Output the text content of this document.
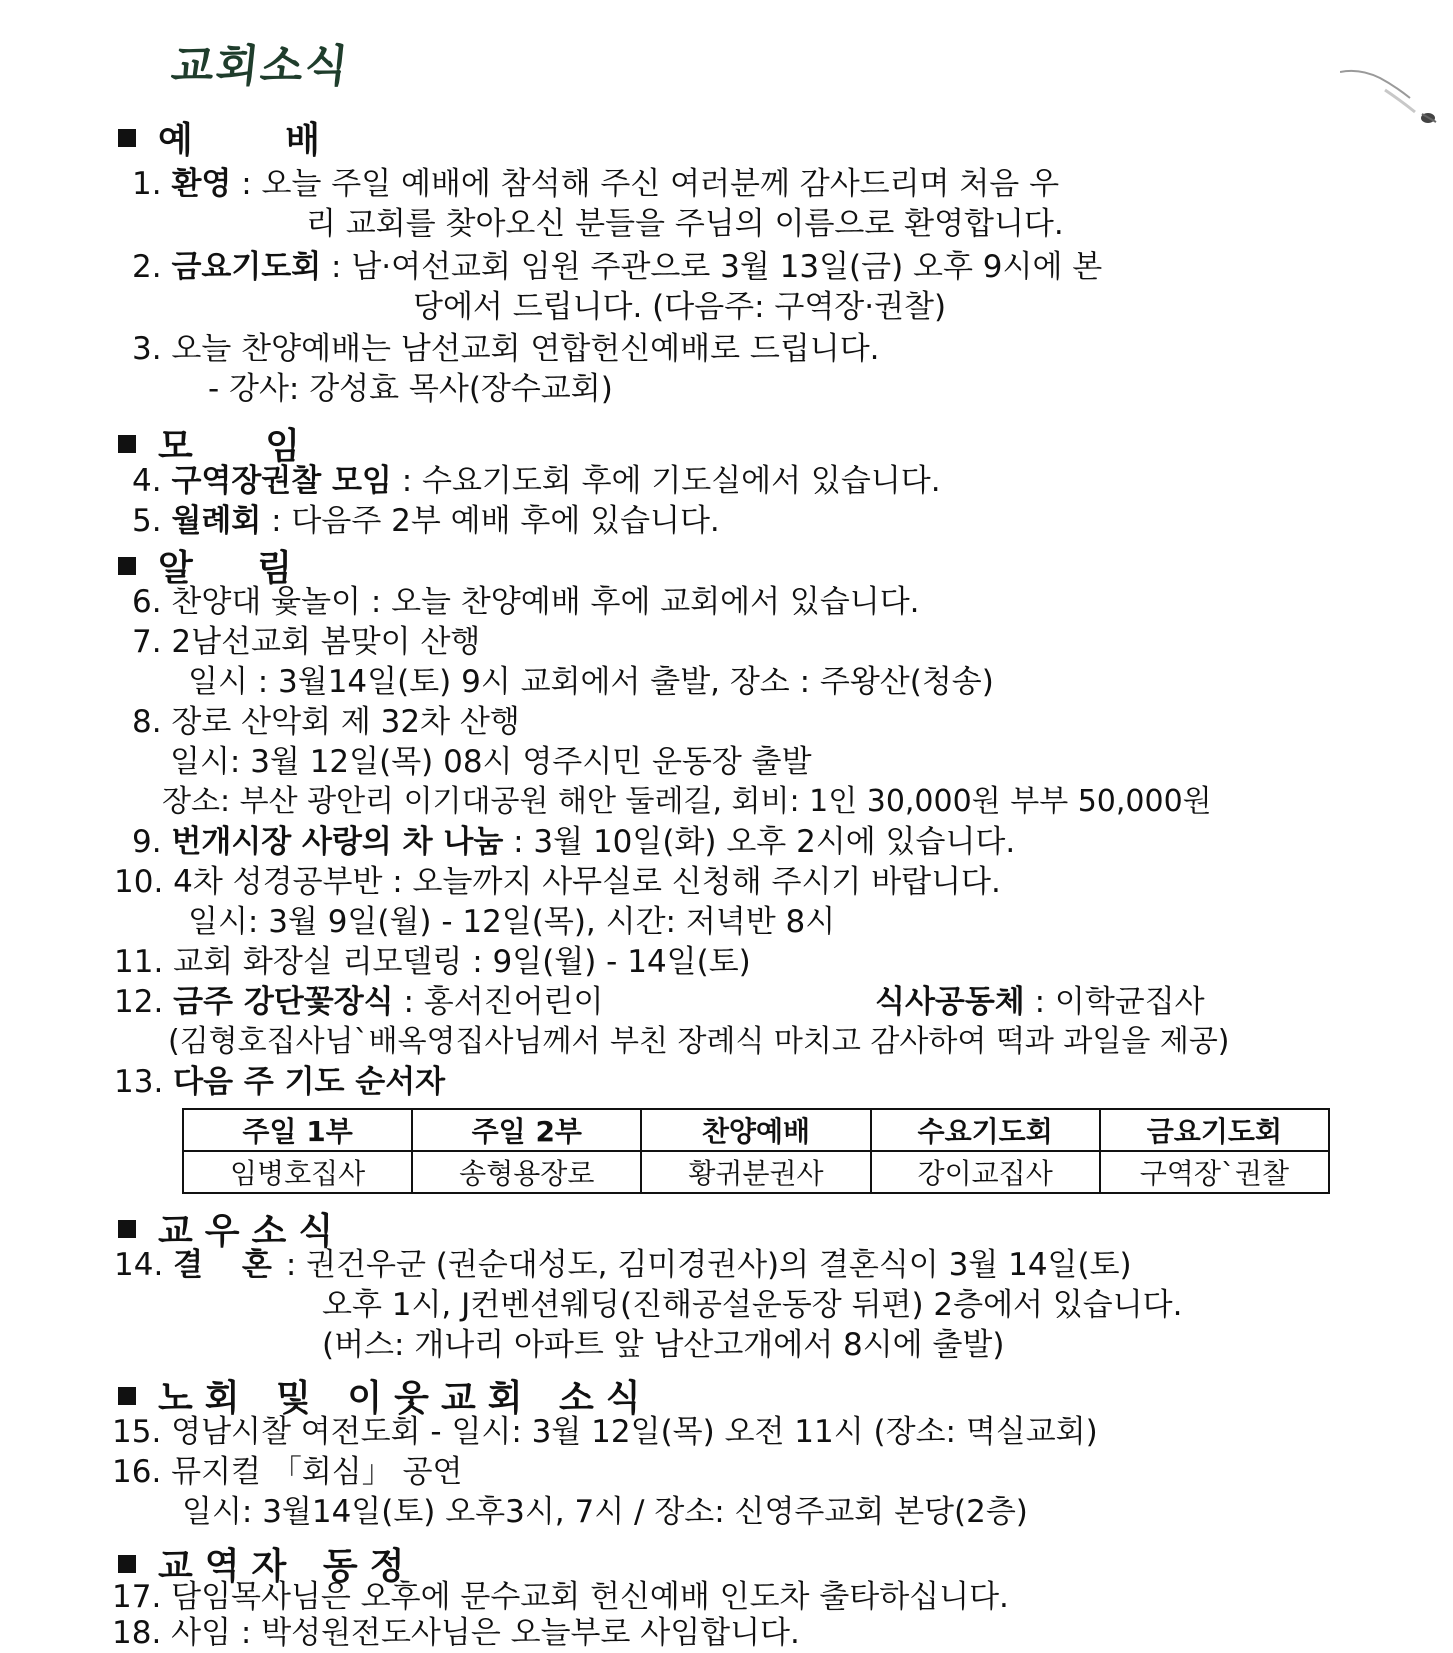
교회소식
예 배
1. 환영 : 오늘 주일 예배에 참석해 주신 여러분께 감사드리며 처음 우
리 교회를 찾아오신 분들을 주님의 이름으로 환영합니다.
2. 금요기도회 : 남·여선교회 임원 주관으로 3월 13일(금) 오후 9시에 본
당에서 드립니다. (다음주: 구역장·권찰)
3. 오늘 찬양예배는 남선교회 연합헌신예배로 드립니다.
- 강사: 강성효 목사(장수교회)
모 임
4. 구역장권찰 모임 : 수요기도회 후에 기도실에서 있습니다.
5. 월례회 : 다음주 2부 예배 후에 있습니다.
알 림
6. 찬양대 윷놀이 : 오늘 찬양예배 후에 교회에서 있습니다.
7. 2남선교회 봄맞이 산행
일시 : 3월14일(토) 9시 교회에서 출발, 장소 : 주왕산(청송)
8. 장로 산악회 제 32차 산행
일시: 3월 12일(목) 08시 영주시민 운동장 출발
장소: 부산 광안리 이기대공원 해안 둘레길, 회비: 1인 30,000원 부부 50,000원
9. 번개시장 사랑의 차 나눔 : 3월 10일(화) 오후 2시에 있습니다.
10. 4차 성경공부반 : 오늘까지 사무실로 신청해 주시기 바랍니다.
일시: 3월 9일(월) - 12일(목), 시간: 저녁반 8시
11. 교회 화장실 리모델링 : 9일(월) - 14일(토)
12. 금주 강단꽃장식 : 홍서진어린이	식사공동체 : 이학균집사
(김형호집사님`배옥영집사님께서 부친 장례식 마치고 감사하여 떡과 과일을 제공)
13. 다음 주 기도 순서자
주일 1부	주일 2부	찬양예배	수요기도회	금요기도회
임병호집사	송형용장로	황귀분권사	강이교집사	구역장`권찰
교우소식
14. 결 혼: 권건우군 (권순대성도, 김미경권사)의 결혼식이 3월 14일(토)
오후 1시, J컨벤션웨딩(진해공설운동장 뒤편) 2층에서 있습니다.
(버스: 개나리 아파트 앞 남산고개에서 8시에 출발)
노회 및 이웃교회 소식
15. 영남시찰 여전도회 - 일시: 3월 12일(목) 오전 11시 (장소: 멱실교회)
16. 뮤지컬 「회심」 공연
일시: 3월14일(토) 오후3시, 7시 / 장소: 신영주교회 본당(2층)
교역자 동정
17. 담임목사님은 오후에 문수교회 헌신예배 인도차 출타하십니다.
18. 사임 : 박성원전도사님은 오늘부로 사임합니다.
